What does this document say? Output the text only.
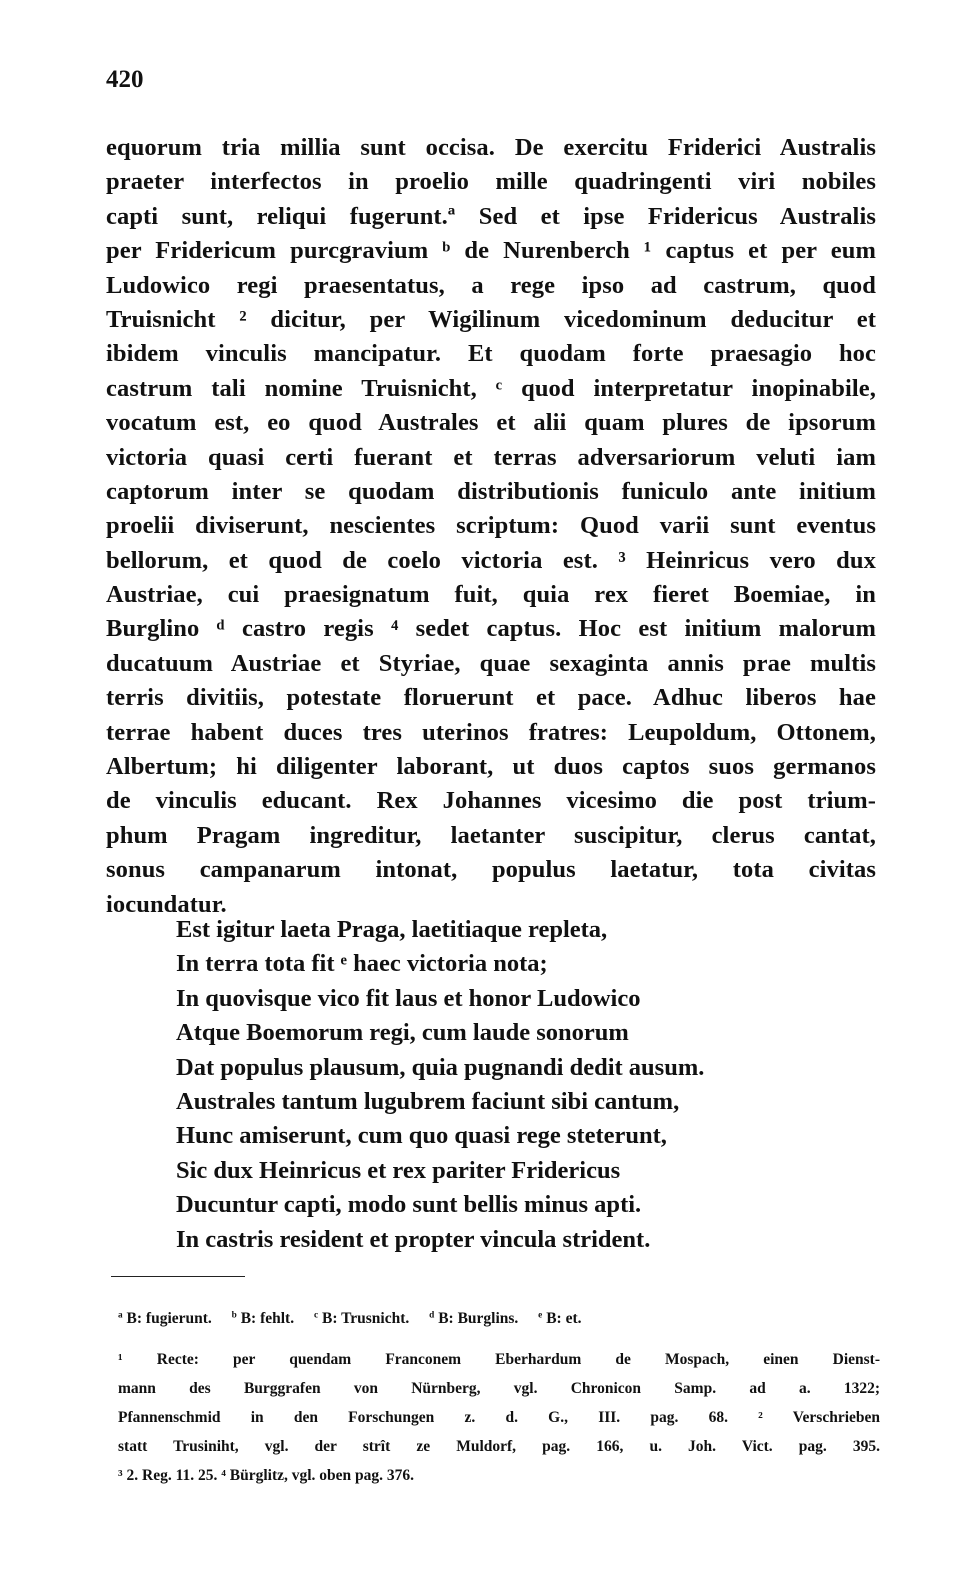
420
equorum tria millia sunt occisa. De exercitu Friderici Australis
praeter interfectos in proelio mille quadringenti viri nobiles
capti sunt, reliqui fugerunt.ª Sed et ipse Fridericus Australis
per Fridericum purcgravium ᵇ de Nurenberch ¹ captus et per eum
Ludowico regi praesentatus, a rege ipso ad castrum, quod
Truisnicht ² dicitur, per Wigilinum vicedominum deducitur et
ibidem vinculis mancipatur. Et quodam forte praesagio hoc
castrum tali nomine Truisnicht, ᶜ quod interpretatur inopinabile,
vocatum est, eo quod Australes et alii quam plures de ipsorum
victoria quasi certi fuerant et terras adversariorum veluti iam
captorum inter se quodam distributionis funiculo ante initium
proelii diviserunt, nescientes scriptum: Quod varii sunt eventus
bellorum, et quod de coelo victoria est. ³ Heinricus vero dux
Austriae, cui praesignatum fuit, quia rex fieret Boemiae, in
Burglino ᵈ castro regis ⁴ sedet captus. Hoc est initium malorum
ducatuum Austriae et Styriae, quae sexaginta annis prae multis
terris divitiis, potestate floruerunt et pace. Adhuc liberos hae
terrae habent duces tres uterinos fratres: Leupoldum, Ottonem,
Albertum; hi diligenter laborant, ut duos captos suos germanos
de vinculis educant. Rex Johannes vicesimo die post trium-
phum Pragam ingreditur, laetanter suscipitur, clerus cantat,
sonus campanarum intonat, populus laetatur, tota civitas
iocundatur.
Est igitur laeta Praga, laetitiaque repleta,
In terra tota fit ᵉ haec victoria nota;
In quovisque vico fit laus et honor Ludowico
Atque Boemorum regi, cum laude sonorum
Dat populus plausum, quia pugnandi dedit ausum.
Australes tantum lugubrem faciunt sibi cantum,
Hunc amiserunt, cum quo quasi rege steterunt,
Sic dux Heinricus et rex pariter Fridericus
Ducuntur capti, modo sunt bellis minus apti.
In castris resident et propter vincula strident.
$^a$ B: fugierunt. $^b$ B: fehlt. $^c$ B: Trusnicht. $^d$ B: Burglins. $^e$ B: et.
¹ Recte: per quendam Franconem Eberhardum de Mospach, einen Dienst-
mann des Burggrafen von Nürnberg, vgl. Chronicon Samp. ad a. 1322;
Pfannenschmid in den Forschungen z. d. G., III. pag. 68. ² Verschrieben
statt Trusiniht, vgl. der strît ze Muldorf, pag. 166, u. Joh. Vict. pag. 395.
³ 2. Reg. 11. 25. ⁴ Bürglitz, vgl. oben pag. 376.
